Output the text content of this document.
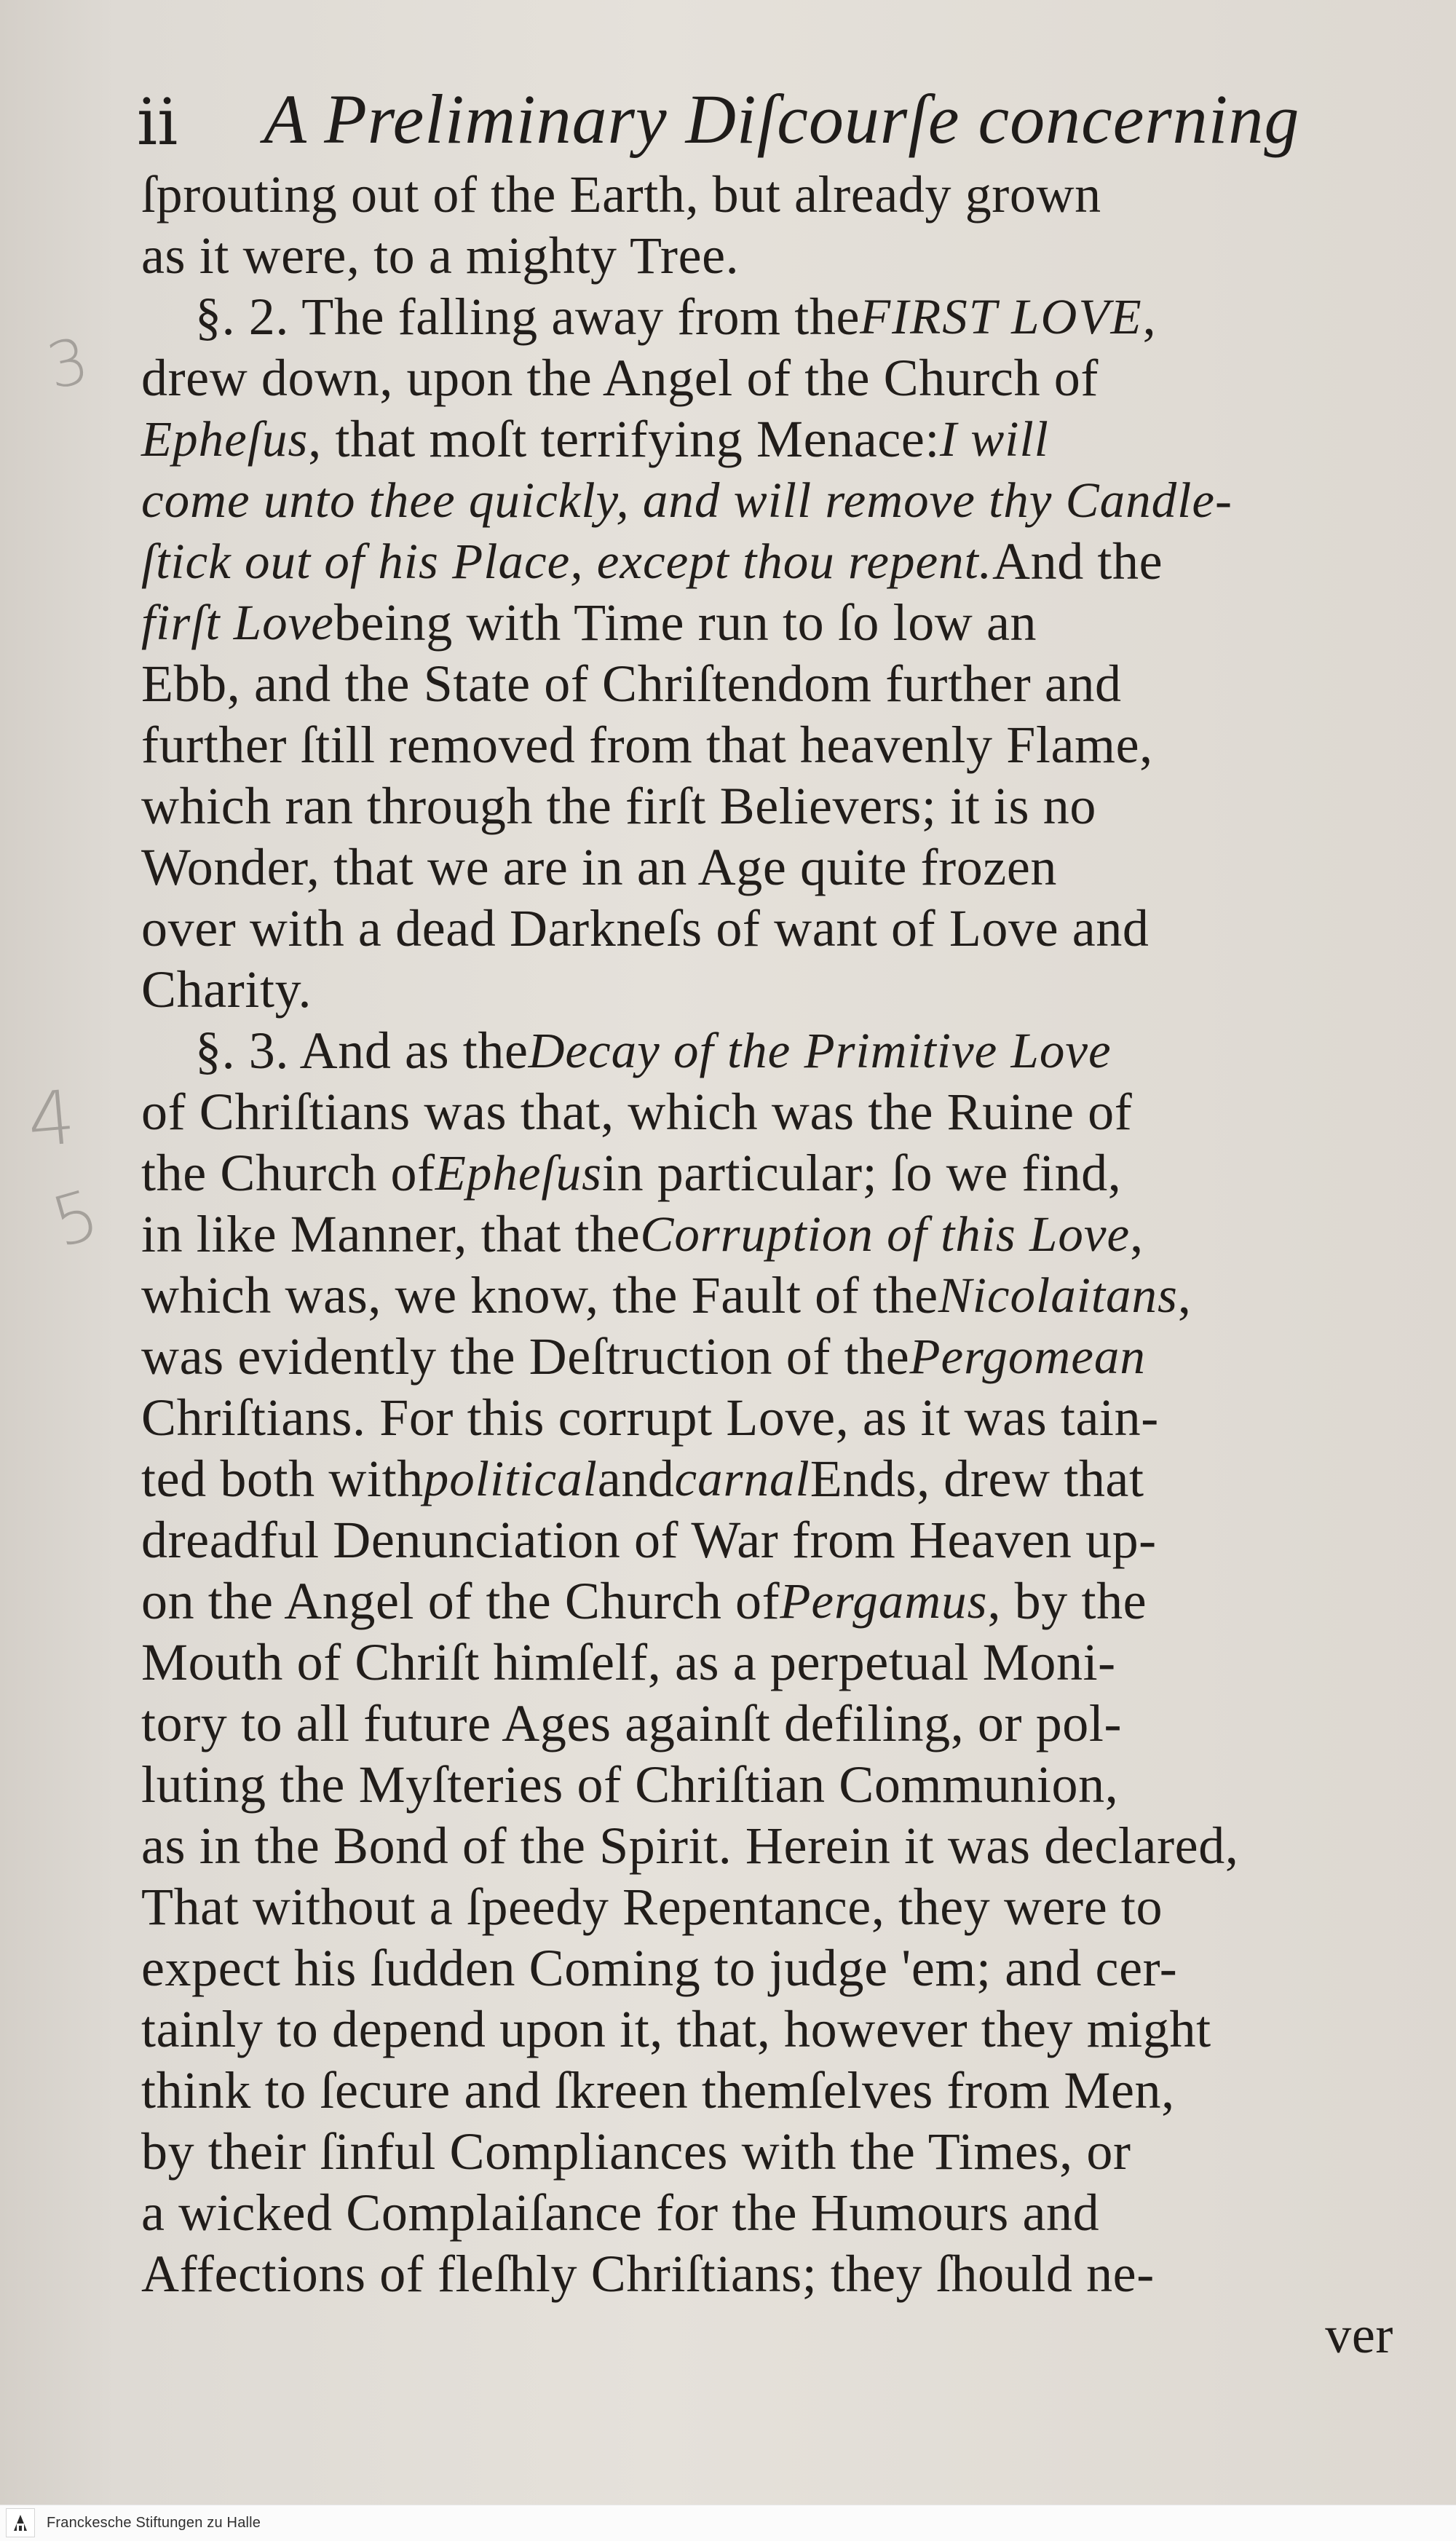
ii A Preliminary Diſcourſe concerning
3
4
5
ſprouting out of the Earth, but already grown
as it were, to a mighty Tree.
§. 2. The falling away from the FIRST LOVE ,
drew down, upon the Angel of the Church of
Epheſus , that moſt terrifying Menace: I will
come unto thee quickly, and will remove thy Candle-
ſtick out of his Place, except thou repent. And the
firſt Love being with Time run to ſo low an
Ebb, and the State of Chriſtendom further and
further ſtill removed from that heavenly Flame,
which ran through the firſt Believers; it is no
Wonder, that we are in an Age quite frozen
over with a dead Darkneſs of want of Love and
Charity.
§. 3. And as the Decay of the Primitive Love
of Chriſtians was that, which was the Ruine of
the Church of Epheſus in particular; ſo we find,
in like Manner, that the Corruption of this Love ,
which was, we know, the Fault of the Nicolaitans ,
was evidently the Deſtruction of the Pergomean
Chriſtians. For this corrupt Love, as it was tain-
ted both with political and carnal Ends, drew that
dreadful Denunciation of War from Heaven up-
on the Angel of the Church of Pergamus , by the
Mouth of Chriſt himſelf, as a perpetual Moni-
tory to all future Ages againſt defiling, or pol-
luting the Myſteries of Chriſtian Communion,
as in the Bond of the Spirit. Herein it was declared,
That without a ſpeedy Repentance, they were to
expect his ſudden Coming to judge 'em; and cer-
tainly to depend upon it, that, however they might
think to ſecure and ſkreen themſelves from Men,
by their ſinful Compliances with the Times, or
a wicked Complaiſance for the Humours and
Affections of fleſhly Chriſtians; they ſhould ne-
ver
Franckesche Stiftungen zu Halle
